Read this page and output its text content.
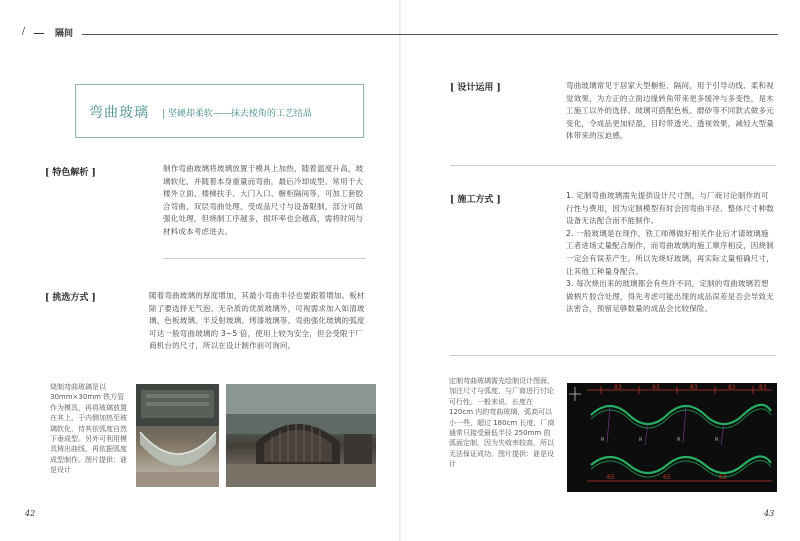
/	隔间
弯曲玻璃 | 坚硬却柔软——抹去棱角的工艺结晶
[ 特色解析 ]	制作弯曲玻璃将玻璃放置于模具上加热，随着温度升高，玻璃软化，并随着本身重量而弯曲，最后冷却成型。常用于大楼外立面、楼梯扶手、大门入口、橱柜隔间等，可加工套胶合弯曲、双层弯曲处理，受成品尺寸与设备限制，部分可做强化处理，但烧制工序越多，损坏率也会越高，需将时间与材料成本考虑进去。
[ 挑选方式 ]	随着弯曲玻璃的厚度增加，其最小弯曲半径也要跟着增加。板材除了要选择无气泡、无杂质的优质玻璃外，可视需求加入如清玻璃、色板玻璃、半反射玻璃、烤漆玻璃等。弯曲强化玻璃的弧度可达一般弯曲玻璃的 3~5 倍，使用上较为安全，但会受限于厂商机台的尺寸，所以在设计制作前可询问。
烧制弯曲玻璃是以 30mm×30mm 铁方管作为模具，再将玻璃放置在其上，于内侧加热至玻璃软化，待其依弧度自然下垂成型。另外可利用模具铸出曲线，再依据弧度成型制作。图片提供：谜是设计
[ 设计运用 ]	弯曲玻璃常见于居家大型橱柜、隔间，用于引导动线、柔和视觉效果，为方正的立面边缘转角带来更多缓冲与多变性，是木工施工以外的选择。玻璃可搭配色板、磨砂等不同款式做多元变化，令成品更加轻盈，目时带透光、透视效果，减轻大型量体带来的压迫感。
[ 施工方式 ]	1. 定制弯曲玻璃需先提供设计尺寸图，与厂商讨论制作的可行性与费用，因为定制模型有时会因弯曲半径、整体尺寸种数设备无法配合而不能制作。
2. 一般玻璃是在现作，铁工师傅做好相关作业后才请玻璃施工者进场丈量配合制作，而弯曲玻璃的施工顺序相反，因烧制一定会有误差产生，所以先烧好玻璃，再实际丈量相确尺寸，让其他工种量身配合。
3. 每次烧出来的玻璃都会有些许不同，定制的弯曲玻璃若想做柄片胶合处理，得先考虑可能出现的成品误差是否会导致无法密合，预留足够数量的成品会比较保险。
定制弯曲玻璃需先绘制设计图面，加注尺寸与弧度，与厂商进行讨论可行性。一般来说，长度在 120cm 内的弯曲玻璃，弧高可以小一些，超过 180cm 长度，厂商通常只接受最低半径 250mm 的弧面定制，因为失败率较高，所以无法保证成功。图片提供：谜是设计
83	83	83	83	83
R	R	R	R
65	65	83
42	43
